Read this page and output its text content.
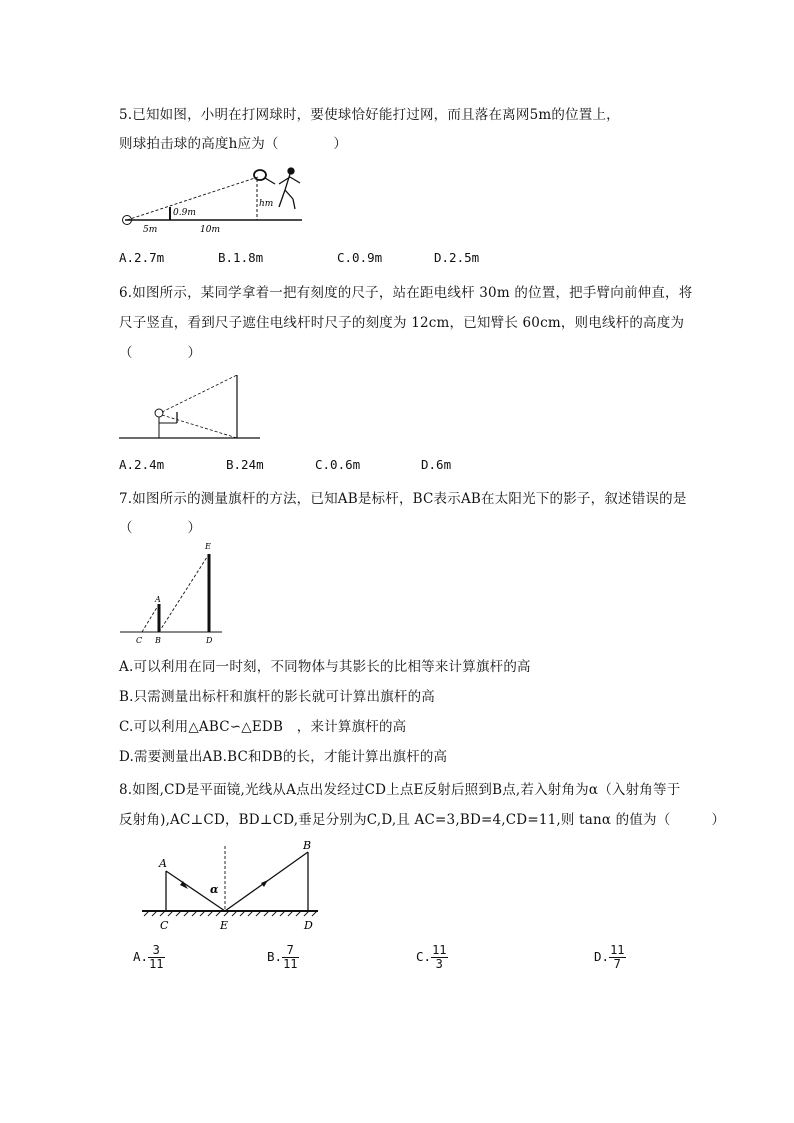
5.已知如图，小明在打网球时，要使球恰好能打过网，而且落在离网5m的位置上，
则球拍击球的高度h应为（　　　　）
0.9m
hm
5m	10m
A.2.7m	B.1.8m	C.0.9m	D.2.5m
6.如图所示，某同学拿着一把有刻度的尺子，站在距电线杆 30m 的位置，把手臂向前伸直，将
尺子竖直，看到尺子遮住电线杆时尺子的刻度为 12cm，已知臂长 60cm，则电线杆的高度为
（　　　　）
A.2.4m	B.24m	C.0.6m	D.6m
7.如图所示的测量旗杆的方法，已知AB是标杆，BC表示AB在太阳光下的影子，叙述错误的是
（　　　　）
E
A
C B	D
A.可以利用在同一时刻，不同物体与其影长的比相等来计算旗杆的高
B.只需测量出标杆和旗杆的影长就可计算出旗杆的高
C.可以利用△ABC∽△EDB　，来计算旗杆的高
D.需要测量出AB.BC和DB的长，才能计算出旗杆的高
8.如图,CD是平面镜,光线从A点出发经过CD上点E反射后照到B点,若入射角为α（入射角等于
反射角),AC⊥CD，BD⊥CD,垂足分别为C,D,且 AC=3,BD=4,CD=11,则 tanα 的值为（　　　）
A
B
C	E	D
α
A. $\frac{3}{11}$	B. $\frac{7}{11}$	C. $\frac{11}{3}$	D. $\frac{11}{7}$
